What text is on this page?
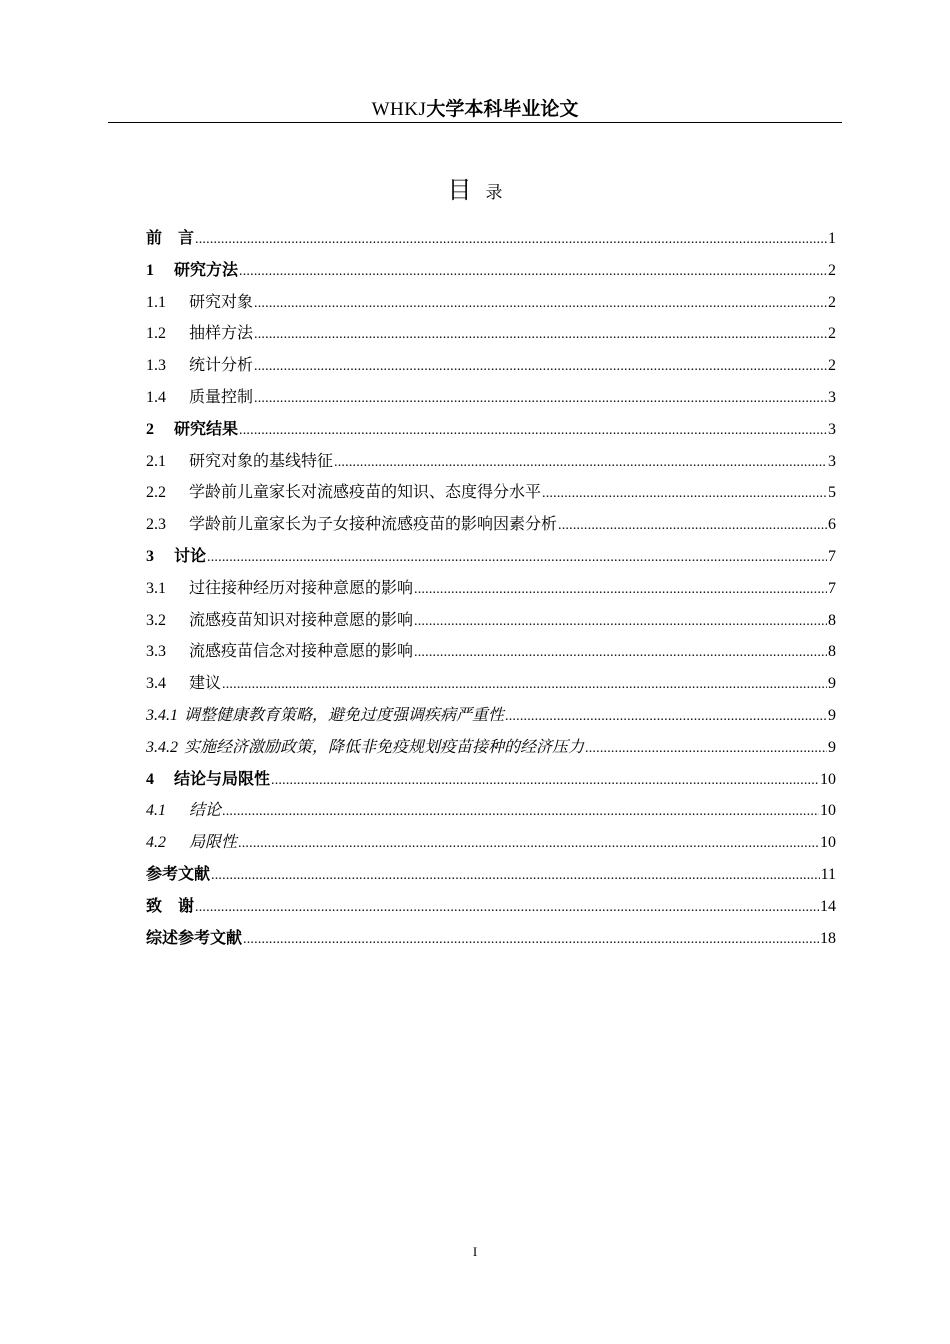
WHKJ大学本科毕业论文
目 录
前　言 .....	1
1	研究方法 .....	2
1.1	研究对象 .....	2
1.2	抽样方法 .....	2
1.3	统计分析 .....	2
1.4	质量控制 .....	3
2	研究结果 .....	3
2.1	研究对象的基线特征 .....	3
2.2	学龄前儿童家长对流感疫苗的知识、态度得分水平 .....	5
2.3	学龄前儿童家长为子女接种流感疫苗的影响因素分析 .....	6
3	讨论 .....	7
3.1	过往接种经历对接种意愿的影响 .....	7
3.2	流感疫苗知识对接种意愿的影响 .....	8
3.3	流感疫苗信念对接种意愿的影响 .....	8
3.4	建议 .....	9
3.4.1 调整健康教育策略，避免过度强调疾病严重性 .....	9
3.4.2 实施经济激励政策，降低非免疫规划疫苗接种的经济压力 .....	9
4	结论与局限性 .....	10
4.1	结论 .....	10
4.2	局限性 .....	10
参考文献 .....	11
致　谢 .....	14
综述参考文献 .....	18
I
